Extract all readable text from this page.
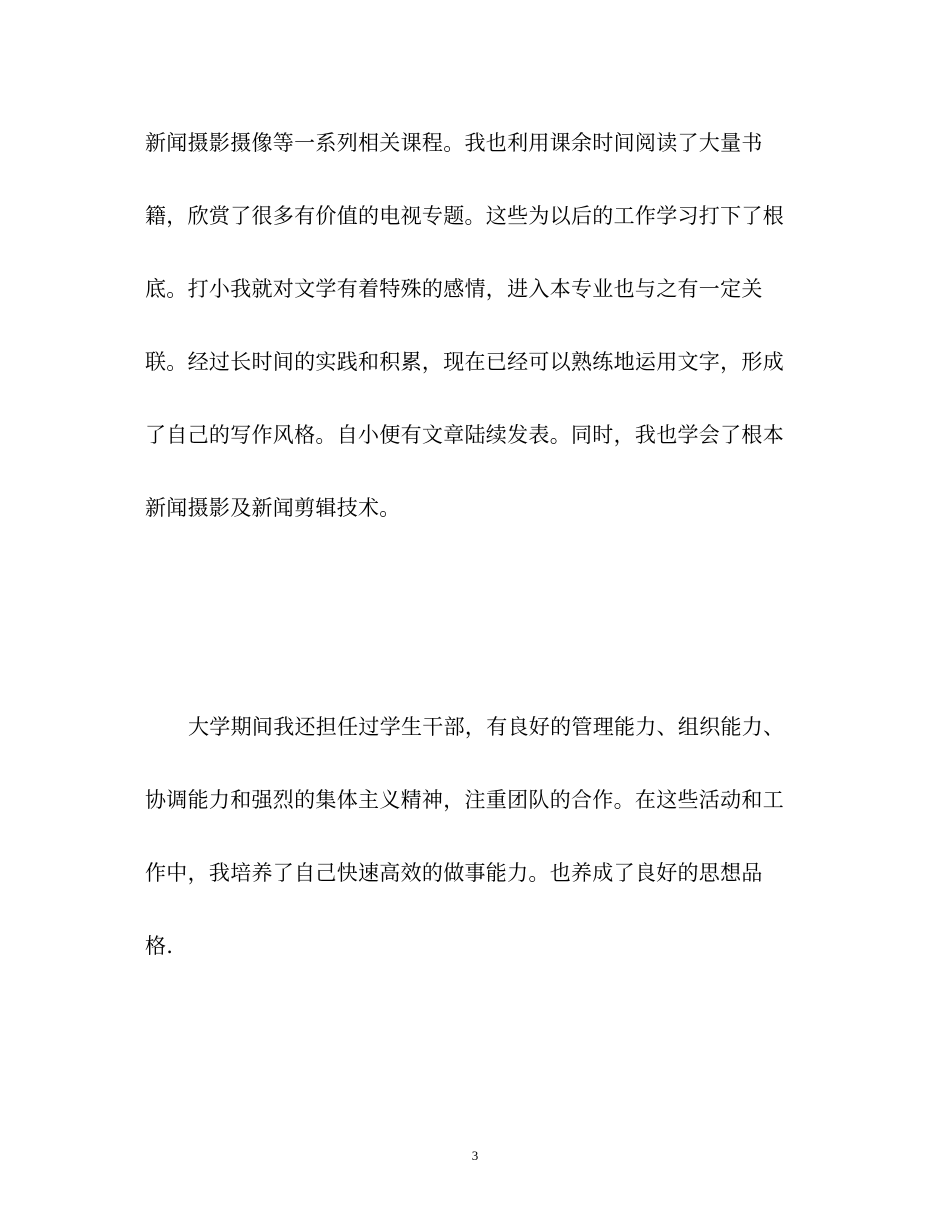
新闻摄影摄像等一系列相关课程。我也利用课余时间阅读了大量书
籍，欣赏了很多有价值的电视专题。这些为以后的工作学习打下了根
底。打小我就对文学有着特殊的感情，进入本专业也与之有一定关
联。经过长时间的实践和积累，现在已经可以熟练地运用文字，形成
了自己的写作风格。自小便有文章陆续发表。同时，我也学会了根本
新闻摄影及新闻剪辑技术。
大学期间我还担任过学生干部，有良好的管理能力、组织能力、
协调能力和强烈的集体主义精神，注重团队的合作。在这些活动和工
作中，我培养了自己快速高效的做事能力。也养成了良好的思想品
格.
3
